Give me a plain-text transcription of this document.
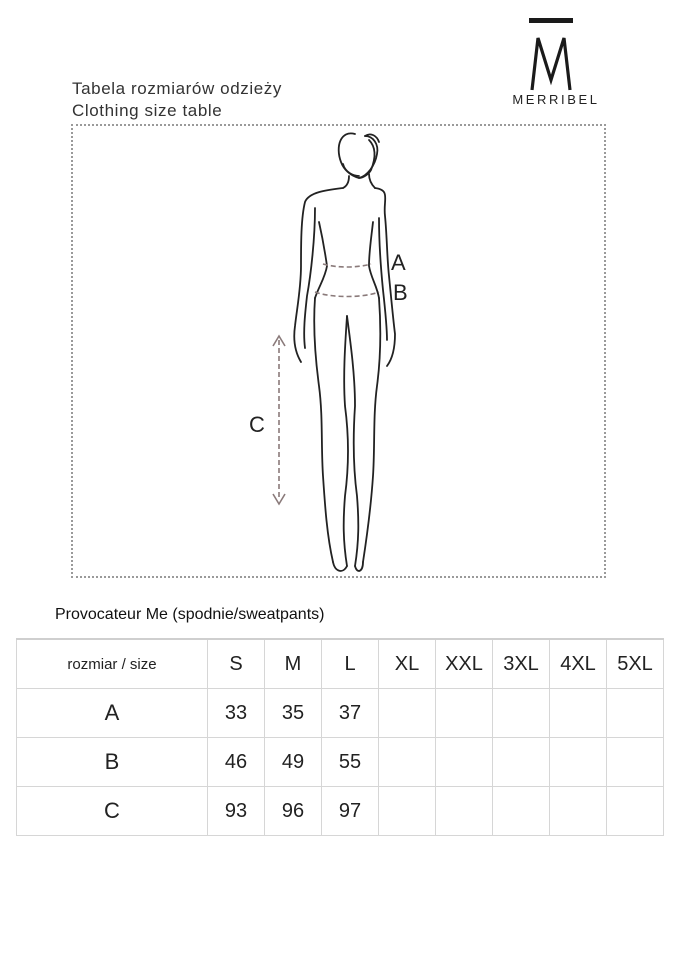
Tabela rozmiarów odzieży
Clothing size table
MERRIBEL
A
B
C
Provocateur Me (spodnie/sweatpants)
rozmiar / size	S	M	L	XL	XXL	3XL	4XL	5XL
A	33	35	37					
B	46	49	55					
C	93	96	97					
